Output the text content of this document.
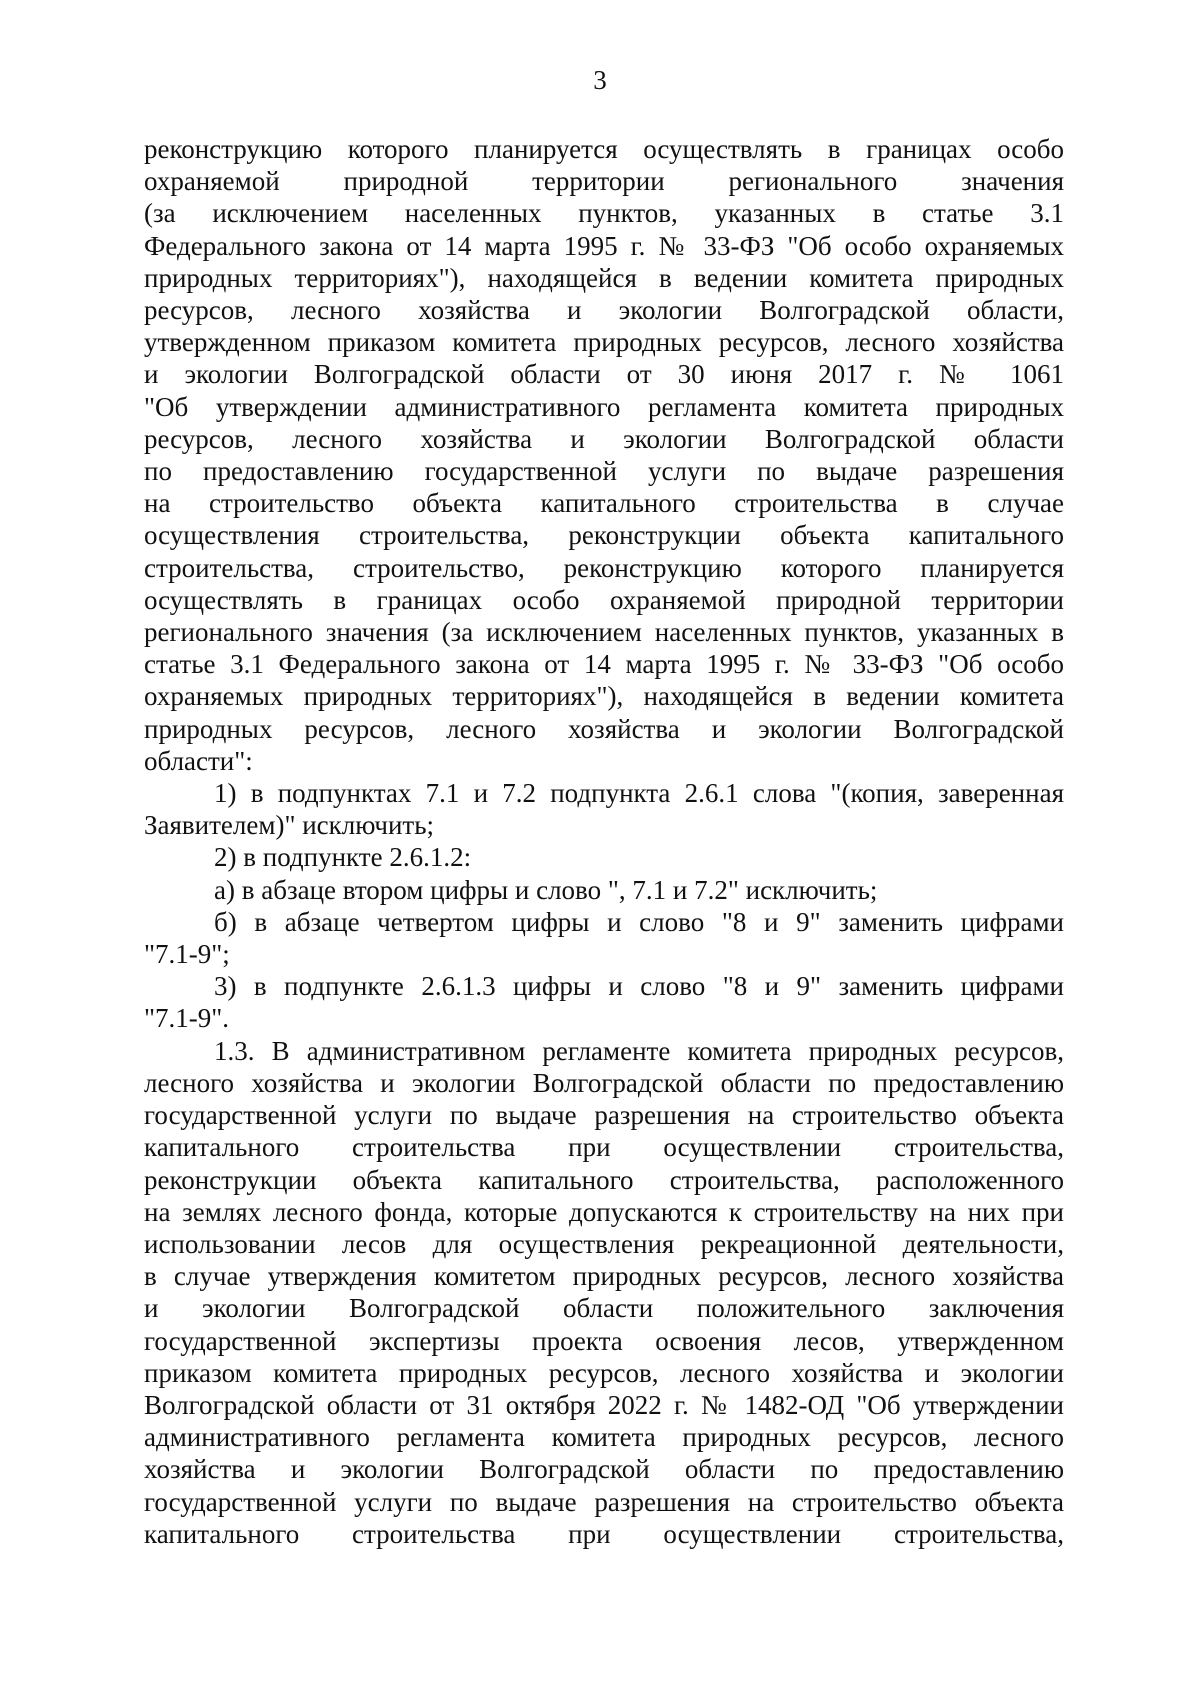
3

реконструкцию которого планируется осуществлять в границах особо
охраняемой природной территории регионального значения
(за исключением населенных пунктов, указанных в статье 3.1
Федерального закона от 14 марта 1995 г. № 33-ФЗ "Об особо охраняемых
природных территориях"), находящейся в ведении комитета природных
ресурсов, лесного хозяйства и экологии Волгоградской области,
утвержденном приказом комитета природных ресурсов, лесного хозяйства
и экологии Волгоградской области от 30 июня 2017 г. № 1061
"Об утверждении административного регламента комитета природных
ресурсов, лесного хозяйства и экологии Волгоградской области
по предоставлению государственной услуги по выдаче разрешения
на строительство объекта капитального строительства в случае
осуществления строительства, реконструкции объекта капитального
строительства, строительство, реконструкцию которого планируется
осуществлять в границах особо охраняемой природной территории
регионального значения (за исключением населенных пунктов, указанных в
статье 3.1 Федерального закона от 14 марта 1995 г. № 33-ФЗ "Об особо
охраняемых природных территориях"), находящейся в ведении комитета
природных ресурсов, лесного хозяйства и экологии Волгоградской
области":

1) в подпунктах 7.1 и 7.2 подпункта 2.6.1 слова "(копия, заверенная
Заявителем)" исключить;

2) в подпункте 2.6.1.2:

а) в абзаце втором цифры и слово ", 7.1 и 7.2" исключить;

б) в абзаце четвертом цифры и слово "8 и 9" заменить цифрами
"7.1-9";

3) в подпункте 2.6.1.3 цифры и слово "8 и 9" заменить цифрами
"7.1-9".

1.3. В административном регламенте комитета природных ресурсов,
лесного хозяйства и экологии Волгоградской области по предоставлению
государственной услуги по выдаче разрешения на строительство объекта
капитального строительства при осуществлении строительства,
реконструкции объекта капитального строительства, расположенного
на землях лесного фонда, которые допускаются к строительству на них при
использовании лесов для осуществления рекреационной деятельности,
в случае утверждения комитетом природных ресурсов, лесного хозяйства
и экологии Волгоградской области положительного заключения
государственной экспертизы проекта освоения лесов, утвержденном
приказом комитета природных ресурсов, лесного хозяйства и экологии
Волгоградской области от 31 октября 2022 г. № 1482-ОД "Об утверждении
административного регламента комитета природных ресурсов, лесного
хозяйства и экологии Волгоградской области по предоставлению
государственной услуги по выдаче разрешения на строительство объекта
капитального строительства при осуществлении строительства,
